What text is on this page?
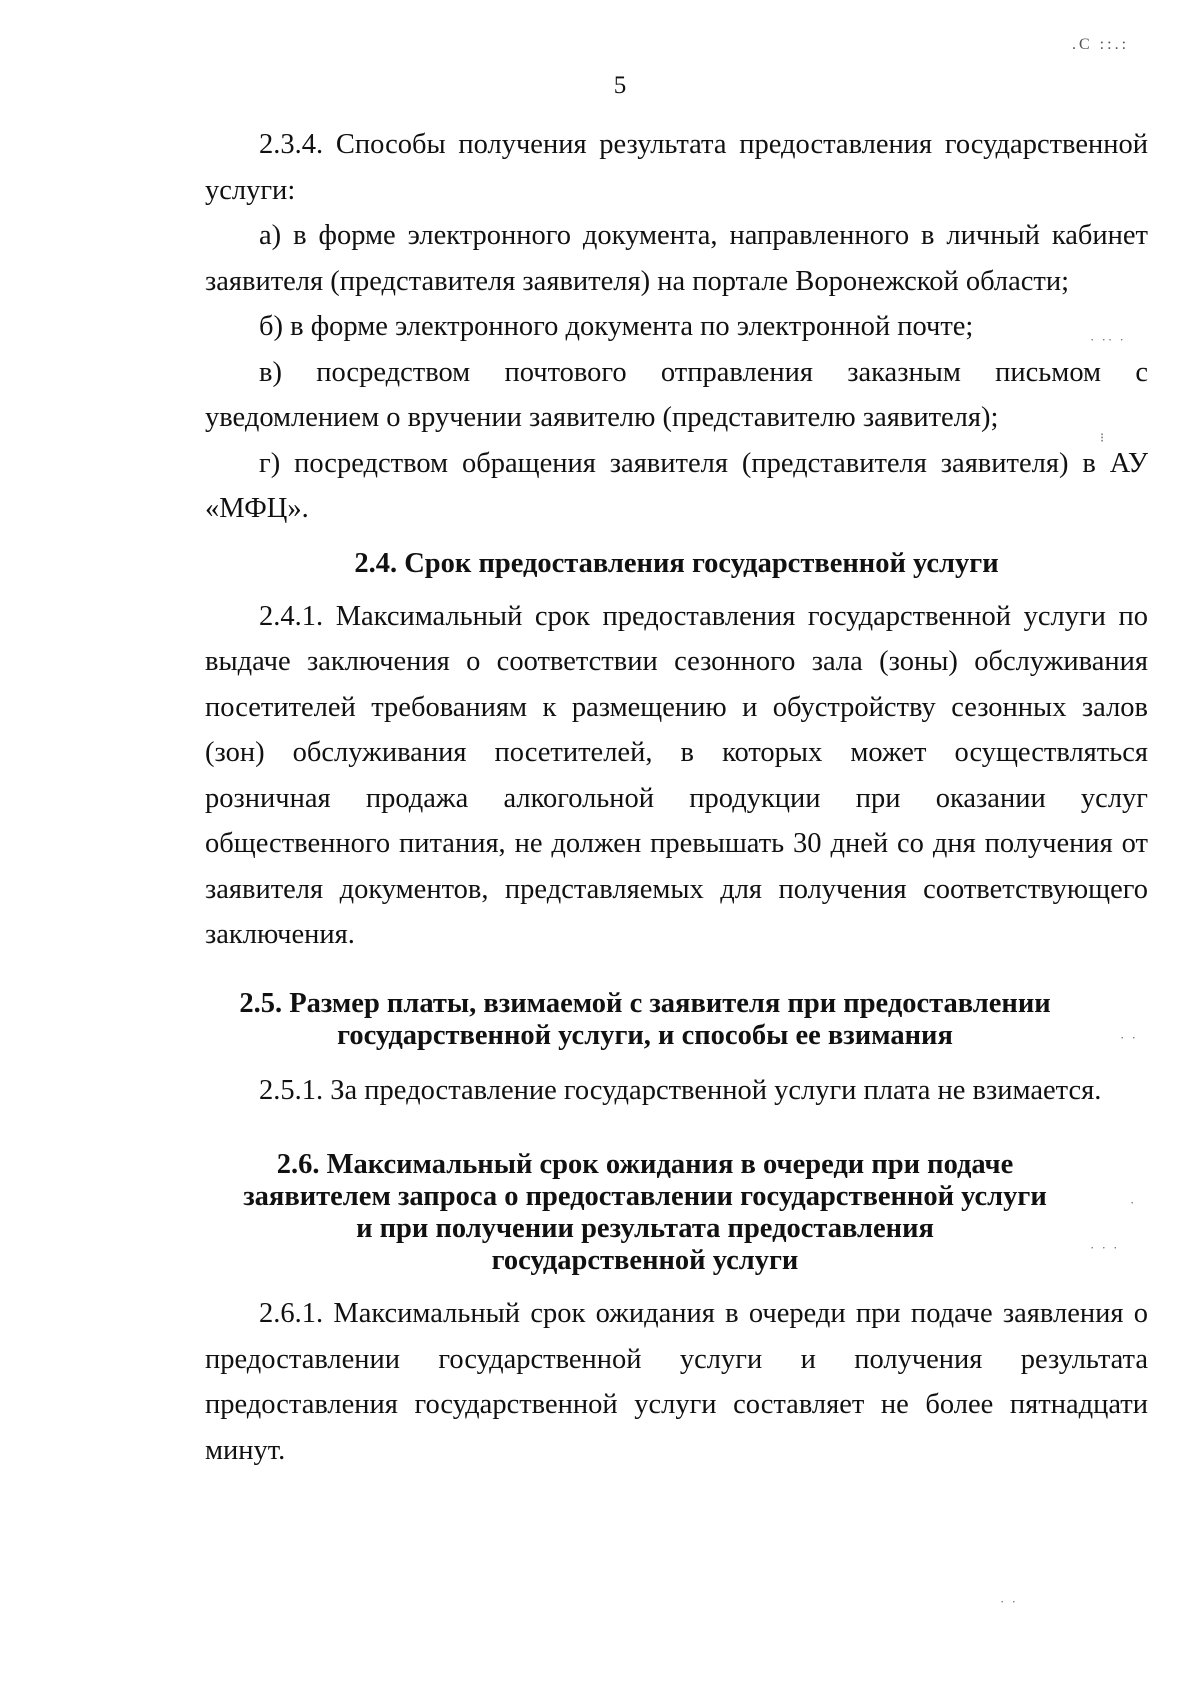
.С ::.:
5

2.3.4. Способы получения результата предоставления государственной услуги:

а) в форме электронного документа, направленного в личный кабинет заявителя (представителя заявителя) на портале Воронежской области;

б) в форме электронного документа по электронной почте;

в) посредством почтового отправления заказным письмом с уведомлением о вручении заявителю (представителю заявителя);

г) посредством обращения заявителя (представителя заявителя) в АУ «МФЦ».

2.4. Срок предоставления государственной услуги

2.4.1. Максимальный срок предоставления государственной услуги по выдаче заключения о соответствии сезонного зала (зоны) обслуживания посетителей требованиям к размещению и обустройству сезонных залов (зон) обслуживания посетителей, в которых может осуществляться розничная продажа алкогольной продукции при оказании услуг общественного питания, не должен превышать 30 дней со дня получения от заявителя документов, представляемых для получения соответствующего заключения.

2.5. Размер платы, взимаемой с заявителя при предоставлении
государственной услуги, и способы ее взимания

2.5.1. За предоставление государственной услуги плата не взимается.

2.6. Максимальный срок ожидания в очереди при подаче
заявителем запроса о предоставлении государственной услуги
и при получении результата предоставления
государственной услуги

2.6.1. Максимальный срок ожидания в очереди при подаче заявления о предоставлении государственной услуги и получения результата предоставления государственной услуги составляет не более пятнадцати минут.

· ·· ·
⁝
· ·
·
· · ·
· ·
